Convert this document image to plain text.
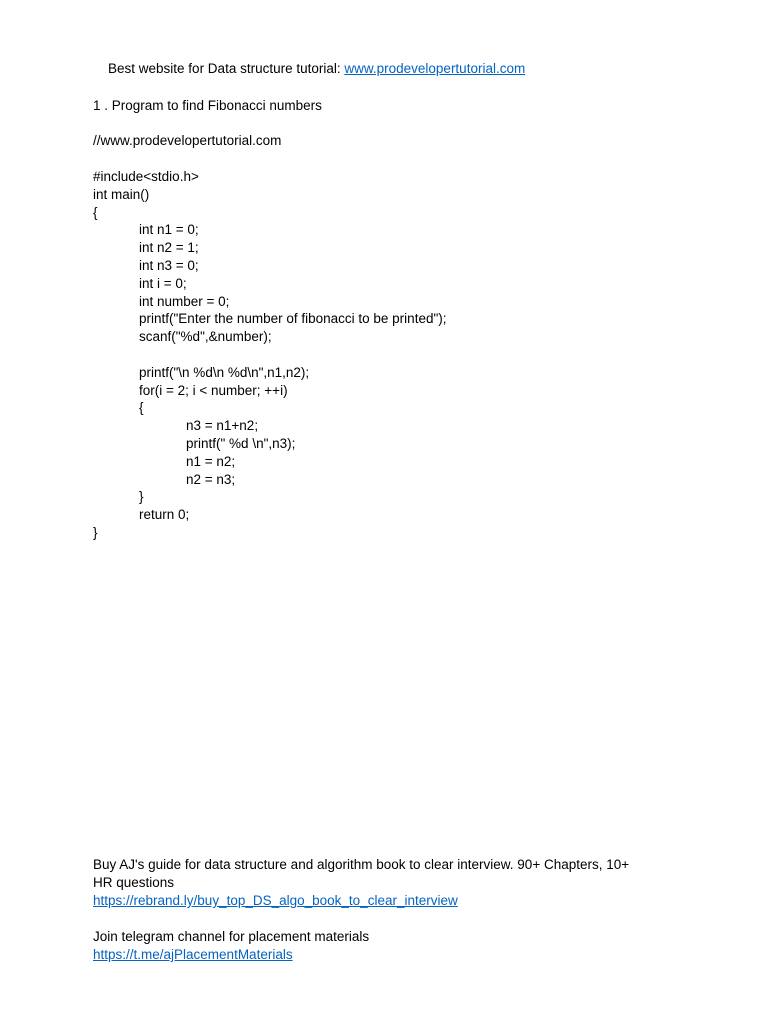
Best website for Data structure tutorial: www.prodevelopertutorial.com

1 . Program to find Fibonacci numbers
//www.prodevelopertutorial.com
#include<stdio.h>
int main()
{
int n1 = 0;
int n2 = 1;
int n3 = 0;
int i = 0;
int number = 0;
printf("Enter the number of fibonacci to be printed");
scanf("%d",&number);
printf("\n %d\n %d\n",n1,n2);
for(i = 2; i < number; ++i)
{
n3 = n1+n2;
printf(" %d \n",n3);
n1 = n2;
n2 = n3;
}
return 0;
}
Buy AJ's guide for data structure and algorithm book to clear interview. 90+ Chapters, 10+
HR questions
https://rebrand.ly/buy_top_DS_algo_book_to_clear_interview
Join telegram channel for placement materials
https://t.me/ajPlacementMaterials
